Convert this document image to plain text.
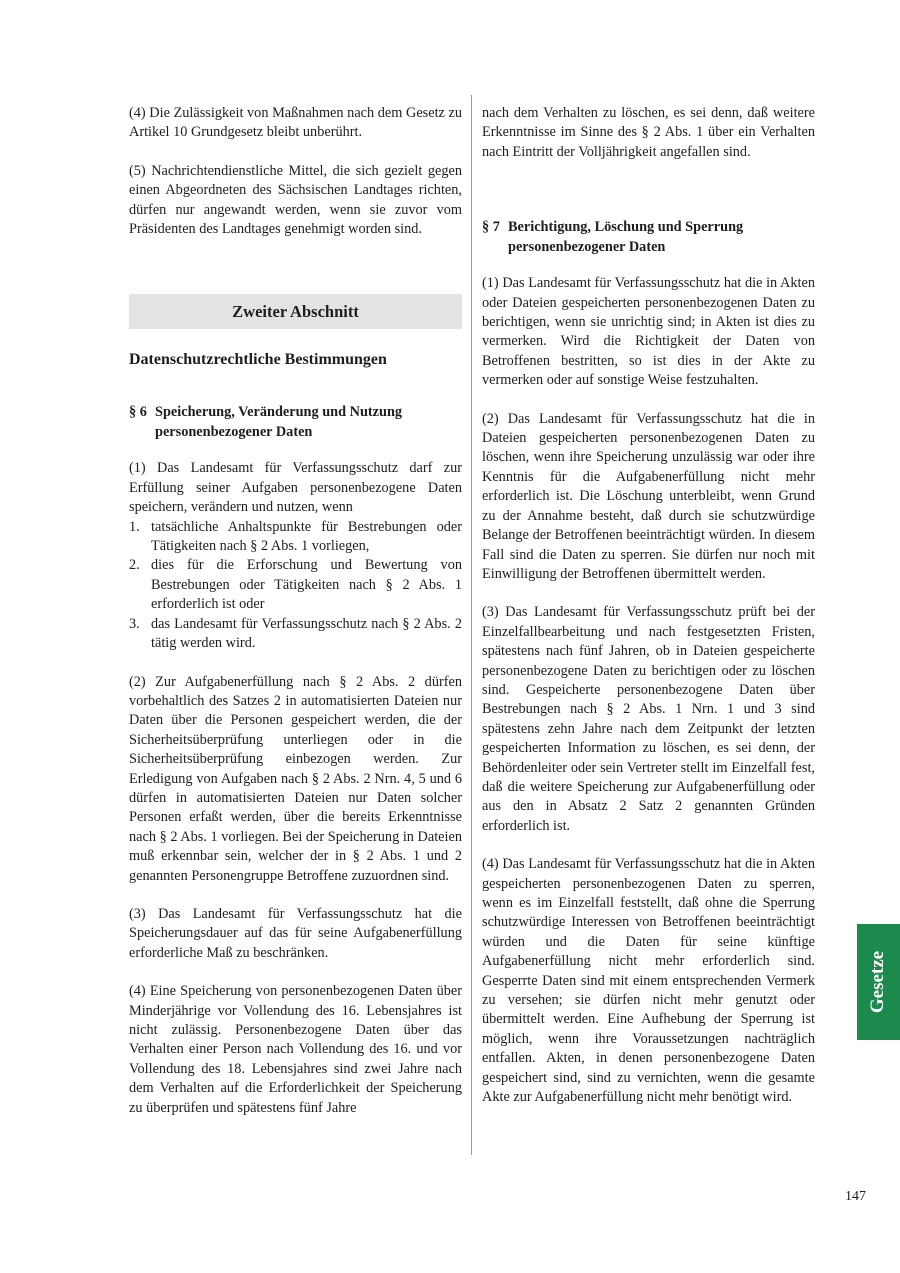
(4) Die Zulässigkeit von Maßnahmen nach dem Gesetz zu Artikel 10 Grundgesetz bleibt unberührt.

(5) Nachrichtendienstliche Mittel, die sich gezielt gegen einen Abgeordneten des Sächsischen Landtages richten, dürfen nur angewandt werden, wenn sie zuvor vom Präsidenten des Landtages genehmigt worden sind.

Zweiter Abschnitt
Datenschutzrechtliche Bestimmungen
§ 6 Speicherung, Veränderung und Nutzung personenbezogener Daten

(1) Das Landesamt für Verfassungsschutz darf zur Erfüllung seiner Aufgaben personenbezogene Daten speichern, verändern und nutzen, wenn

1. tatsächliche Anhaltspunkte für Bestrebungen oder Tätigkeiten nach § 2 Abs. 1 vorliegen,
2. dies für die Erforschung und Bewertung von Bestrebungen oder Tätigkeiten nach § 2 Abs. 1 erforderlich ist oder
3. das Landesamt für Verfassungsschutz nach § 2 Abs. 2 tätig werden wird.

(2) Zur Aufgabenerfüllung nach § 2 Abs. 2 dürfen vorbehaltlich des Satzes 2 in automatisierten Dateien nur Daten über die Personen gespeichert werden, die der Sicherheitsüberprüfung unterliegen oder in die Sicherheitsüberprüfung einbezogen werden. Zur Erledigung von Aufgaben nach § 2 Abs. 2 Nrn. 4, 5 und 6 dürfen in automatisierten Dateien nur Daten solcher Personen erfaßt werden, über die bereits Erkenntnisse nach § 2 Abs. 1 vorliegen. Bei der Speicherung in Dateien muß erkennbar sein, welcher der in § 2 Abs. 1 und 2 genannten Personengruppe Betroffene zuzuordnen sind.

(3) Das Landesamt für Verfassungsschutz hat die Speicherungsdauer auf das für seine Aufgabenerfüllung erforderliche Maß zu beschränken.

(4) Eine Speicherung von personenbezogenen Daten über Minderjährige vor Vollendung des 16. Lebensjahres ist nicht zulässig. Personenbezogene Daten über das Verhalten einer Person nach Vollendung des 16. und vor Vollendung des 18. Lebensjahres sind zwei Jahre nach dem Verhalten auf die Erforderlichkeit der Speicherung zu überprüfen und spätestens fünf Jahre

nach dem Verhalten zu löschen, es sei denn, daß weitere Erkenntnisse im Sinne des § 2 Abs. 1 über ein Verhalten nach Eintritt der Volljährigkeit angefallen sind.

§ 7 Berichtigung, Löschung und Sperrung personenbezogener Daten

(1) Das Landesamt für Verfassungsschutz hat die in Akten oder Dateien gespeicherten personenbezogenen Daten zu berichtigen, wenn sie unrichtig sind; in Akten ist dies zu vermerken. Wird die Richtigkeit der Daten von Betroffenen bestritten, so ist dies in der Akte zu vermerken oder auf sonstige Weise festzuhalten.

(2) Das Landesamt für Verfassungsschutz hat die in Dateien gespeicherten personenbezogenen Daten zu löschen, wenn ihre Speicherung unzulässig war oder ihre Kenntnis für die Aufgabenerfüllung nicht mehr erforderlich ist. Die Löschung unterbleibt, wenn Grund zu der Annahme besteht, daß durch sie schutzwürdige Belange der Betroffenen beeinträchtigt würden. In diesem Fall sind die Daten zu sperren. Sie dürfen nur noch mit Einwilligung der Betroffenen übermittelt werden.

(3) Das Landesamt für Verfassungsschutz prüft bei der Einzelfallbearbeitung und nach festgesetzten Fristen, spätestens nach fünf Jahren, ob in Dateien gespeicherte personenbezogene Daten zu berichtigen oder zu löschen sind. Gespeicherte personenbezogene Daten über Bestrebungen nach § 2 Abs. 1 Nrn. 1 und 3 sind spätestens zehn Jahre nach dem Zeitpunkt der letzten gespeicherten Information zu löschen, es sei denn, der Behördenleiter oder sein Vertreter stellt im Einzelfall fest, daß die weitere Speicherung zur Aufgabenerfüllung oder aus den in Absatz 2 Satz 2 genannten Gründen erforderlich ist.

(4) Das Landesamt für Verfassungsschutz hat die in Akten gespeicherten personenbezogenen Daten zu sperren, wenn es im Einzelfall feststellt, daß ohne die Sperrung schutzwürdige Interessen von Betroffenen beeinträchtigt würden und die Daten für seine künftige Aufgabenerfüllung nicht mehr erforderlich sind. Gesperrte Daten sind mit einem entsprechenden Vermerk zu versehen; sie dürfen nicht mehr genutzt oder übermittelt werden. Eine Aufhebung der Sperrung ist möglich, wenn ihre Voraussetzungen nachträglich entfallen. Akten, in denen personenbezogene Daten gespeichert sind, sind zu vernichten, wenn die gesamte Akte zur Aufgabenerfüllung nicht mehr benötigt wird.

Gesetze
147
